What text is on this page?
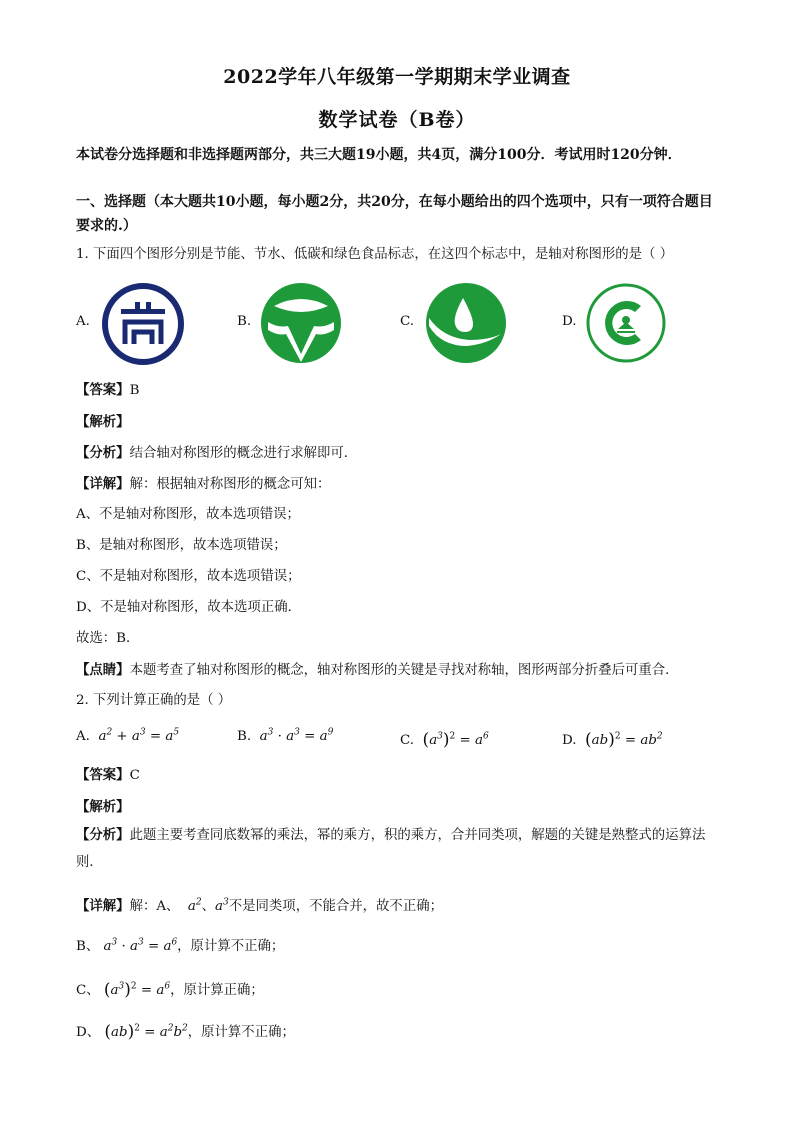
2022学年八年级第一学期期末学业调查
数学试卷（B卷）
本试卷分选择题和非选择题两部分，共三大题19小题，共4页，满分100分．考试用时120分钟．
一、选择题（本大题共10小题，每小题2分，共20分，在每小题给出的四个选项中，只有一项符合题目要求的.）
1. 下面四个图形分别是节能、节水、低碳和绿色食品标志，在这四个标志中，是轴对称图形的是（ ）
A.	B.	C.	D.
【答案】B
【解析】
【分析】结合轴对称图形的概念进行求解即可．
【详解】解：根据轴对称图形的概念可知：
A、不是轴对称图形，故本选项错误；
B、是轴对称图形，故本选项错误；
C、不是轴对称图形，故本选项错误；
D、不是轴对称图形，故本选项正确．
故选：B．
【点睛】本题考查了轴对称图形的概念，轴对称图形的关键是寻找对称轴，图形两部分折叠后可重合．
2. 下列计算正确的是（ ）
A. $a^2 + a^3 = a^5$	B. $a^3 \cdot a^3 = a^9$
C. $(a^3)^2 = a^6$	D. $(ab)^2 = ab^2$
【答案】C
【解析】
【分析】此题主要考查同底数幂的乘法，幂的乘方，积的乘方，合并同类项，解题的关键是熟整式的运算法则．
【详解】解：A、 $a^2$、$a^3$不是同类项，不能合并，故不正确；
B、 $a^3 \cdot a^3 = a^6$，原计算不正确；
C、 $(a^3)^2 = a^6$，原计算正确；
D、 $(ab)^2 = a^2b^2$，原计算不正确；
